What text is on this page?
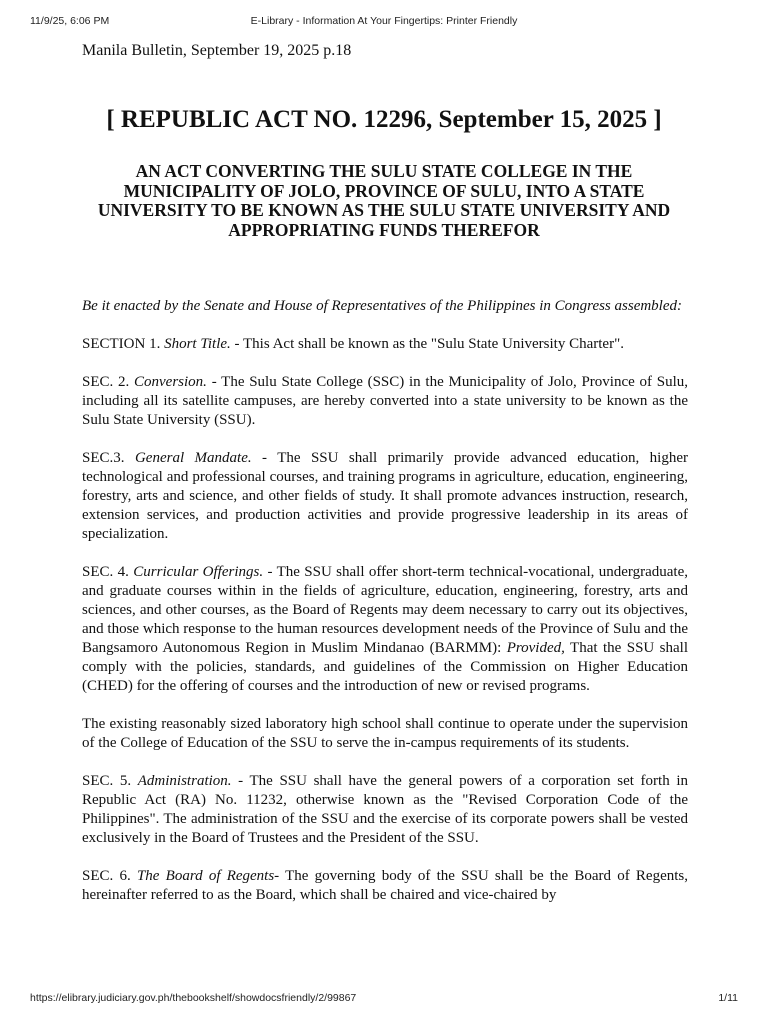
11/9/25, 6:06 PM	E-Library - Information At Your Fingertips: Printer Friendly
Manila Bulletin, September 19, 2025 p.18
[ REPUBLIC ACT NO. 12296, September 15, 2025 ]
AN ACT CONVERTING THE SULU STATE COLLEGE IN THE MUNICIPALITY OF JOLO, PROVINCE OF SULU, INTO A STATE UNIVERSITY TO BE KNOWN AS THE SULU STATE UNIVERSITY AND APPROPRIATING FUNDS THEREFOR

Be it enacted by the Senate and House of Representatives of the Philippines in Congress assembled:

SECTION 1. Short Title. - This Act shall be known as the "Sulu State University Charter".

SEC. 2. Conversion. - The Sulu State College (SSC) in the Municipality of Jolo, Province of Sulu, including all its satellite campuses, are hereby converted into a state university to be known as the Sulu State University (SSU).

SEC.3. General Mandate. - The SSU shall primarily provide advanced education, higher technological and professional courses, and training programs in agriculture, education, engineering, forestry, arts and science, and other fields of study. It shall promote advances instruction, research, extension services, and production activities and provide progressive leadership in its areas of specialization.

SEC. 4. Curricular Offerings. - The SSU shall offer short-term technical-vocational, undergraduate, and graduate courses within in the fields of agriculture, education, engineering, forestry, arts and sciences, and other courses, as the Board of Regents may deem necessary to carry out its objectives, and those which response to the human resources development needs of the Province of Sulu and the Bangsamoro Autonomous Region in Muslim Mindanao (BARMM): Provided, That the SSU shall comply with the policies, standards, and guidelines of the Commission on Higher Education (CHED) for the offering of courses and the introduction of new or revised programs.

The existing reasonably sized laboratory high school shall continue to operate under the supervision of the College of Education of the SSU to serve the in-campus requirements of its students.

SEC. 5. Administration. - The SSU shall have the general powers of a corporation set forth in Republic Act (RA) No. 11232, otherwise known as the "Revised Corporation Code of the Philippines". The administration of the SSU and the exercise of its corporate powers shall be vested exclusively in the Board of Trustees and the President of the SSU.

SEC. 6. The Board of Regents- The governing body of the SSU shall be the Board of Regents, hereinafter referred to as the Board, which shall be chaired and vice-chaired by

https://elibrary.judiciary.gov.ph/thebookshelf/showdocsfriendly/2/99867	1/11
